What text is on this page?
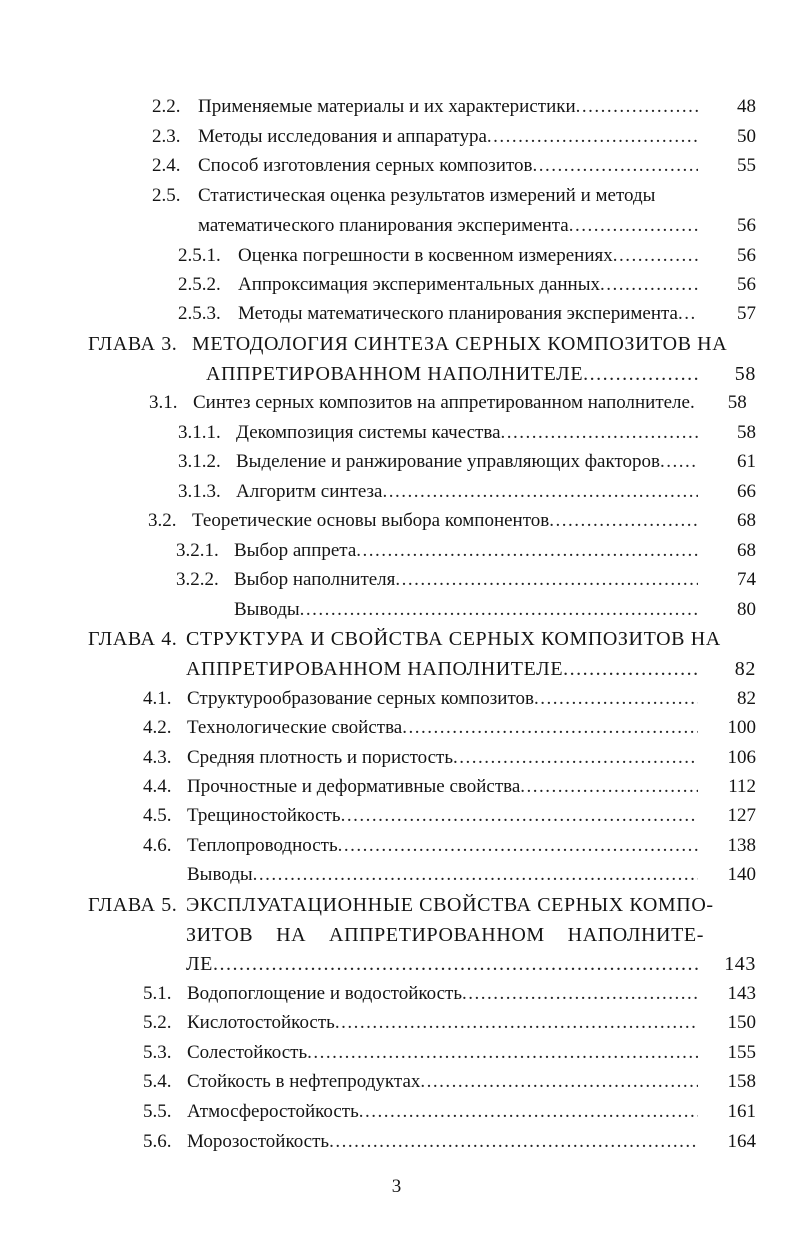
2.2. Применяемые материалы и их характеристики .....	48
2.3. Методы исследования и аппаратура .....	50
2.4. Способ изготовления серных композитов .....	55
2.5. Статистическая оценка результатов измерений и методы
математического планирования эксперимента .....	56
2.5.1. Оценка погрешности в косвенном измерениях .....	56
2.5.2. Аппроксимация экспериментальных данных .....	56
2.5.3. Методы математического планирования эксперимента .....	57
ГЛАВА 3. МЕТОДОЛОГИЯ СИНТЕЗА СЕРНЫХ КОМПОЗИТОВ НА
АППРЕТИРОВАННОМ НАПОЛНИТЕЛЕ .....	58
3.1. Синтез серных композитов на аппретированном наполнителе.	58
3.1.1. Декомпозиция системы качества .....	58
3.1.2. Выделение и ранжирование управляющих факторов .....	61
3.1.3. Алгоритм синтеза .....	66
3.2. Теоретические основы выбора компонентов .....	68
3.2.1. Выбор аппрета .....	68
3.2.2. Выбор наполнителя .....	74
Выводы .....	80
ГЛАВА 4. СТРУКТУРА И СВОЙСТВА СЕРНЫХ КОМПОЗИТОВ НА
АППРЕТИРОВАННОМ НАПОЛНИТЕЛЕ .....	82
4.1. Структурообразование серных композитов .....	82
4.2. Технологические свойства .....	100
4.3. Средняя плотность и пористость .....	106
4.4. Прочностные и деформативные свойства .....	112
4.5. Трещиностойкость .....	127
4.6. Теплопроводность .....	138
Выводы .....	140
ГЛАВА 5. ЭКСПЛУАТАЦИОННЫЕ СВОЙСТВА СЕРНЫХ КОМПО-
ЗИТОВ НА АППРЕТИРОВАННОМ НАПОЛНИТЕ-
ЛЕ .....	143
5.1. Водопоглощение и водостойкость .....	143
5.2. Кислотостойкость .....	150
5.3. Солестойкость .....	155
5.4. Стойкость в нефтепродуктах .....	158
5.5. Атмосферостойкость .....	161
5.6. Морозостойкость .....	164
3
